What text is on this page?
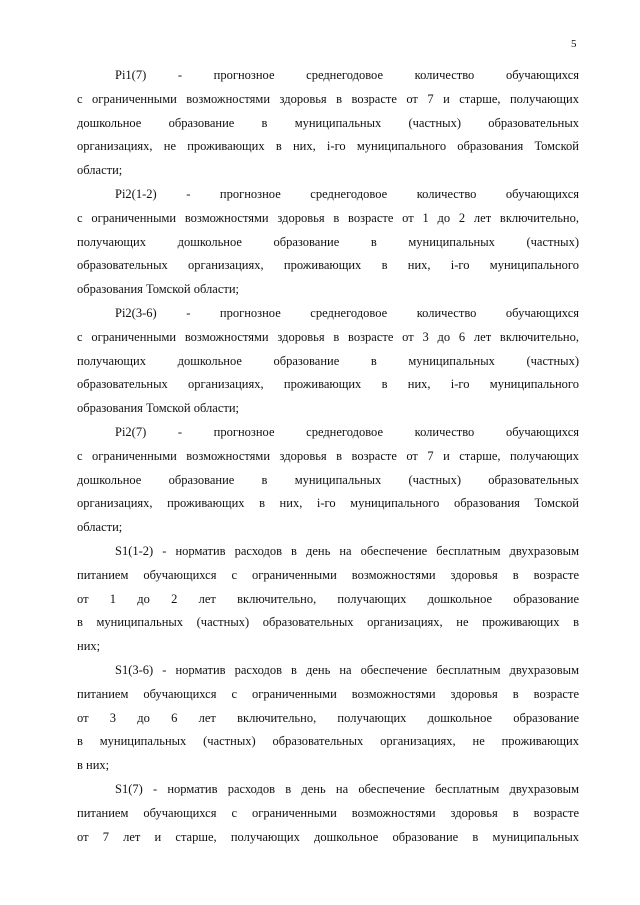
5

Pi1(7) - прогнозное среднегодовое количество обучающихся
с ограниченными возможностями здоровья в возрасте от 7 и старше, получающих
дошкольное образование в муниципальных (частных) образовательных
организациях, не проживающих в них, i-го муниципального образования Томской
области;

Pi2(1-2) - прогнозное среднегодовое количество обучающихся
с ограниченными возможностями здоровья в возрасте от 1 до 2 лет включительно,
получающих дошкольное образование в муниципальных (частных)
образовательных организациях, проживающих в них, i-го муниципального
образования Томской области;

Pi2(3-6) - прогнозное среднегодовое количество обучающихся
с ограниченными возможностями здоровья в возрасте от 3 до 6 лет включительно,
получающих дошкольное образование в муниципальных (частных)
образовательных организациях, проживающих в них, i-го муниципального
образования Томской области;

Pi2(7) - прогнозное среднегодовое количество обучающихся
с ограниченными возможностями здоровья в возрасте от 7 и старше, получающих
дошкольное образование в муниципальных (частных) образовательных
организациях, проживающих в них, i-го муниципального образования Томской
области;

S1(1-2) - норматив расходов в день на обеспечение бесплатным двухразовым
питанием обучающихся с ограниченными возможностями здоровья в возрасте
от 1 до 2 лет включительно, получающих дошкольное образование
в муниципальных (частных) образовательных организациях, не проживающих в
них;

S1(3-6) - норматив расходов в день на обеспечение бесплатным двухразовым
питанием обучающихся с ограниченными возможностями здоровья в возрасте
от 3 до 6 лет включительно, получающих дошкольное образование
в муниципальных (частных) образовательных организациях, не проживающих
в них;

S1(7) - норматив расходов в день на обеспечение бесплатным двухразовым
питанием обучающихся с ограниченными возможностями здоровья в возрасте
от 7 лет и старше, получающих дошкольное образование в муниципальных
